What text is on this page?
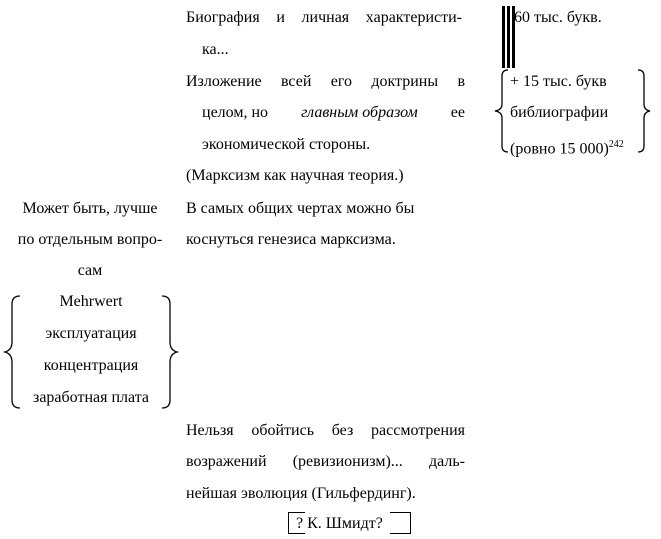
Биография и личная характеристи-
ка...
Изложение всей его доктрины в
целом, но главным образом ее
экономической стороны.
(Марксизм как научная теория.)
В самых общих чертах можно бы
коснуться генезиса марксизма.
Нельзя обойтись без рассмотрения
возражений (ревизионизм)... даль-
нейшая эволюция (Гильфердинг).
? К. Шмидт?
Может быть, лучше
по отдельным вопро-
сам
Mehrwert
эксплуатация
концентрация
заработная плата
60 тыс. букв.
+ 15 тыс. букв
библиографии
(ровно 15 000)$^{242}$
